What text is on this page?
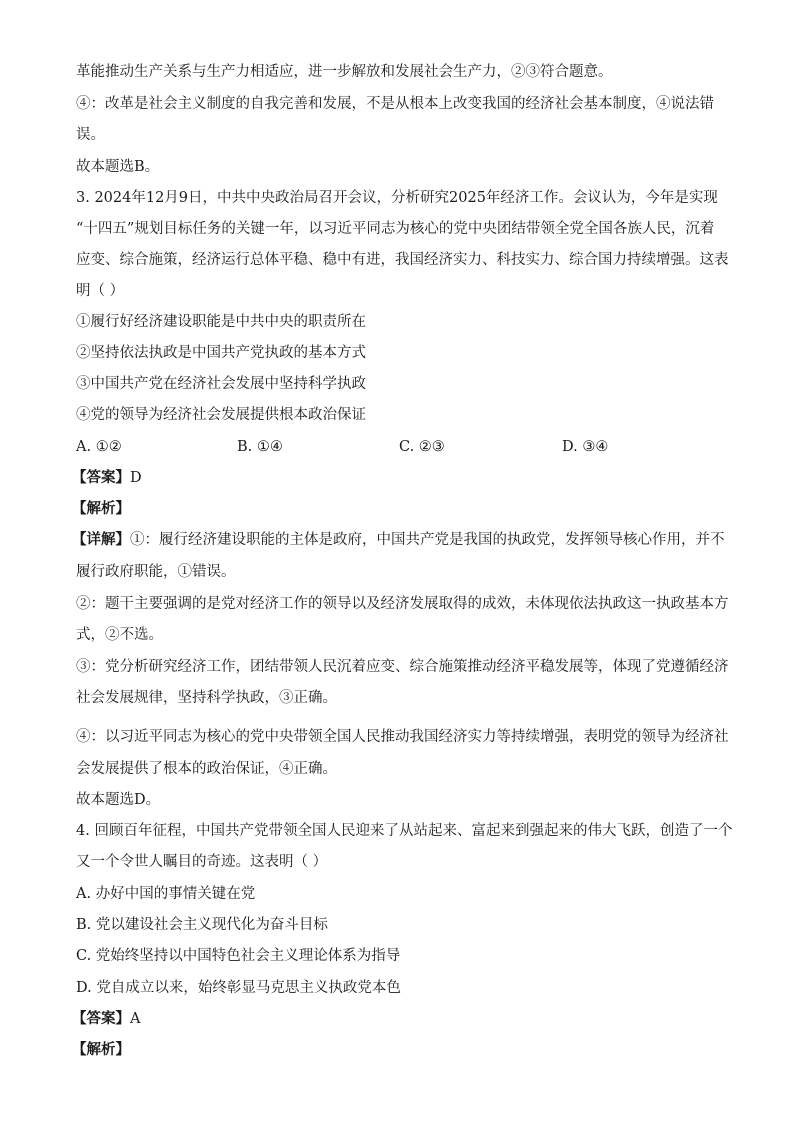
革能推动生产关系与生产力相适应，进一步解放和发展社会生产力，②③符合题意。
④：改革是社会主义制度的自我完善和发展，不是从根本上改变我国的经济社会基本制度，④说法错
误。
故本题选B。
3. 2024年12月9日，中共中央政治局召开会议，分析研究2025年经济工作。会议认为，今年是实现
“十四五”规划目标任务的关键一年，以习近平同志为核心的党中央团结带领全党全国各族人民，沉着
应变、综合施策，经济运行总体平稳、稳中有进，我国经济实力、科技实力、综合国力持续增强。这表
明（ ）
①履行好经济建设职能是中共中央的职责所在
②坚持依法执政是中国共产党执政的基本方式
③中国共产党在经济社会发展中坚持科学执政
④党的领导为经济社会发展提供根本政治保证
A. ①②	B. ①④	C. ②③	D. ③④
【答案】D
【解析】
【详解】①：履行经济建设职能的主体是政府，中国共产党是我国的执政党，发挥领导核心作用，并不
履行政府职能，①错误。
②：题干主要强调的是党对经济工作的领导以及经济发展取得的成效，未体现依法执政这一执政基本方
式，②不选。
③：党分析研究经济工作，团结带领人民沉着应变、综合施策推动经济平稳发展等，体现了党遵循经济
社会发展规律，坚持科学执政，③正确。
④：以习近平同志为核心的党中央带领全国人民推动我国经济实力等持续增强，表明党的领导为经济社
会发展提供了根本的政治保证，④正确。
故本题选D。
4. 回顾百年征程，中国共产党带领全国人民迎来了从站起来、富起来到强起来的伟大飞跃，创造了一个
又一个令世人瞩目的奇迹。这表明（ ）
A. 办好中国的事情关键在党
B. 党以建设社会主义现代化为奋斗目标
C. 党始终坚持以中国特色社会主义理论体系为指导
D. 党自成立以来，始终彰显马克思主义执政党本色
【答案】A
【解析】
